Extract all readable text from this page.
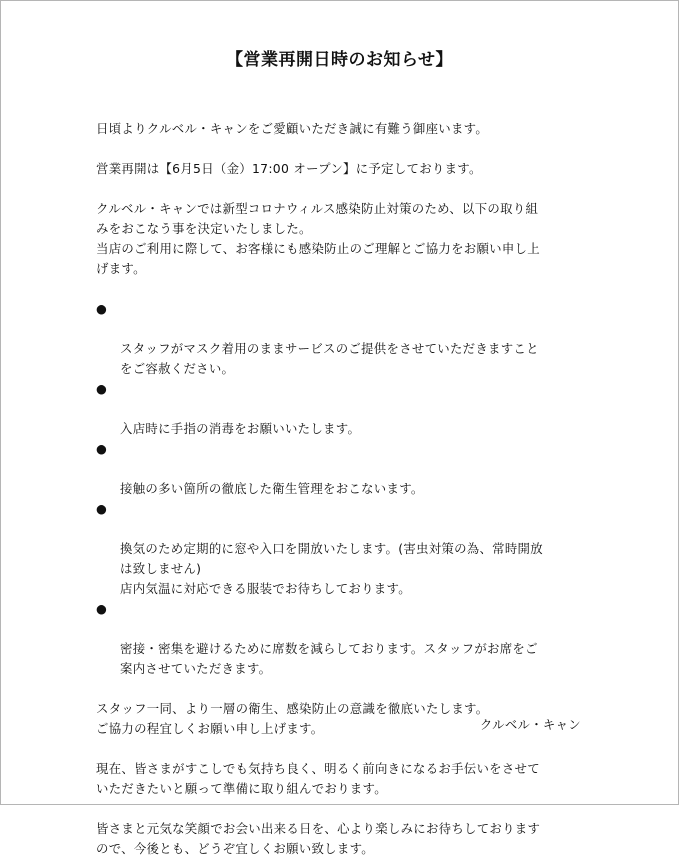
【営業再開日時のお知らせ】

日頃よりクルベル・キャンをご愛顧いただき誠に有難う御座います。

営業再開は【6月5日（金）17:00 オープン】に予定しております。

クルベル・キャンでは新型コロナウィルス感染防止対策のため、以下の取り組
みをおこなう事を決定いたしました。
当店のご利用に際して、お客様にも感染防止のご理解とご協力をお願い申し上
げます。

●

スタッフがマスク着用のままサービスのご提供をさせていただきますこと
をご容赦ください。

●

入店時に手指の消毒をお願いいたします。

●

接触の多い箇所の徹底した衛生管理をおこないます。

●

換気のため定期的に窓や入口を開放いたします。(害虫対策の為、常時開放
は致しません)
店内気温に対応できる服装でお待ちしております。

●

密接・密集を避けるために席数を減らしております。スタッフがお席をご
案内させていただきます。

スタッフ一同、より一層の衛生、感染防止の意識を徹底いたします。
ご協力の程宜しくお願い申し上げます。

現在、皆さまがすこしでも気持ち良く、明るく前向きになるお手伝いをさせて
いただきたいと願って準備に取り組んでおります。

皆さまと元気な笑顔でお会い出来る日を、心より楽しみにお待ちしております
ので、今後とも、どうぞ宜しくお願い致します。

クルベル・キャン
